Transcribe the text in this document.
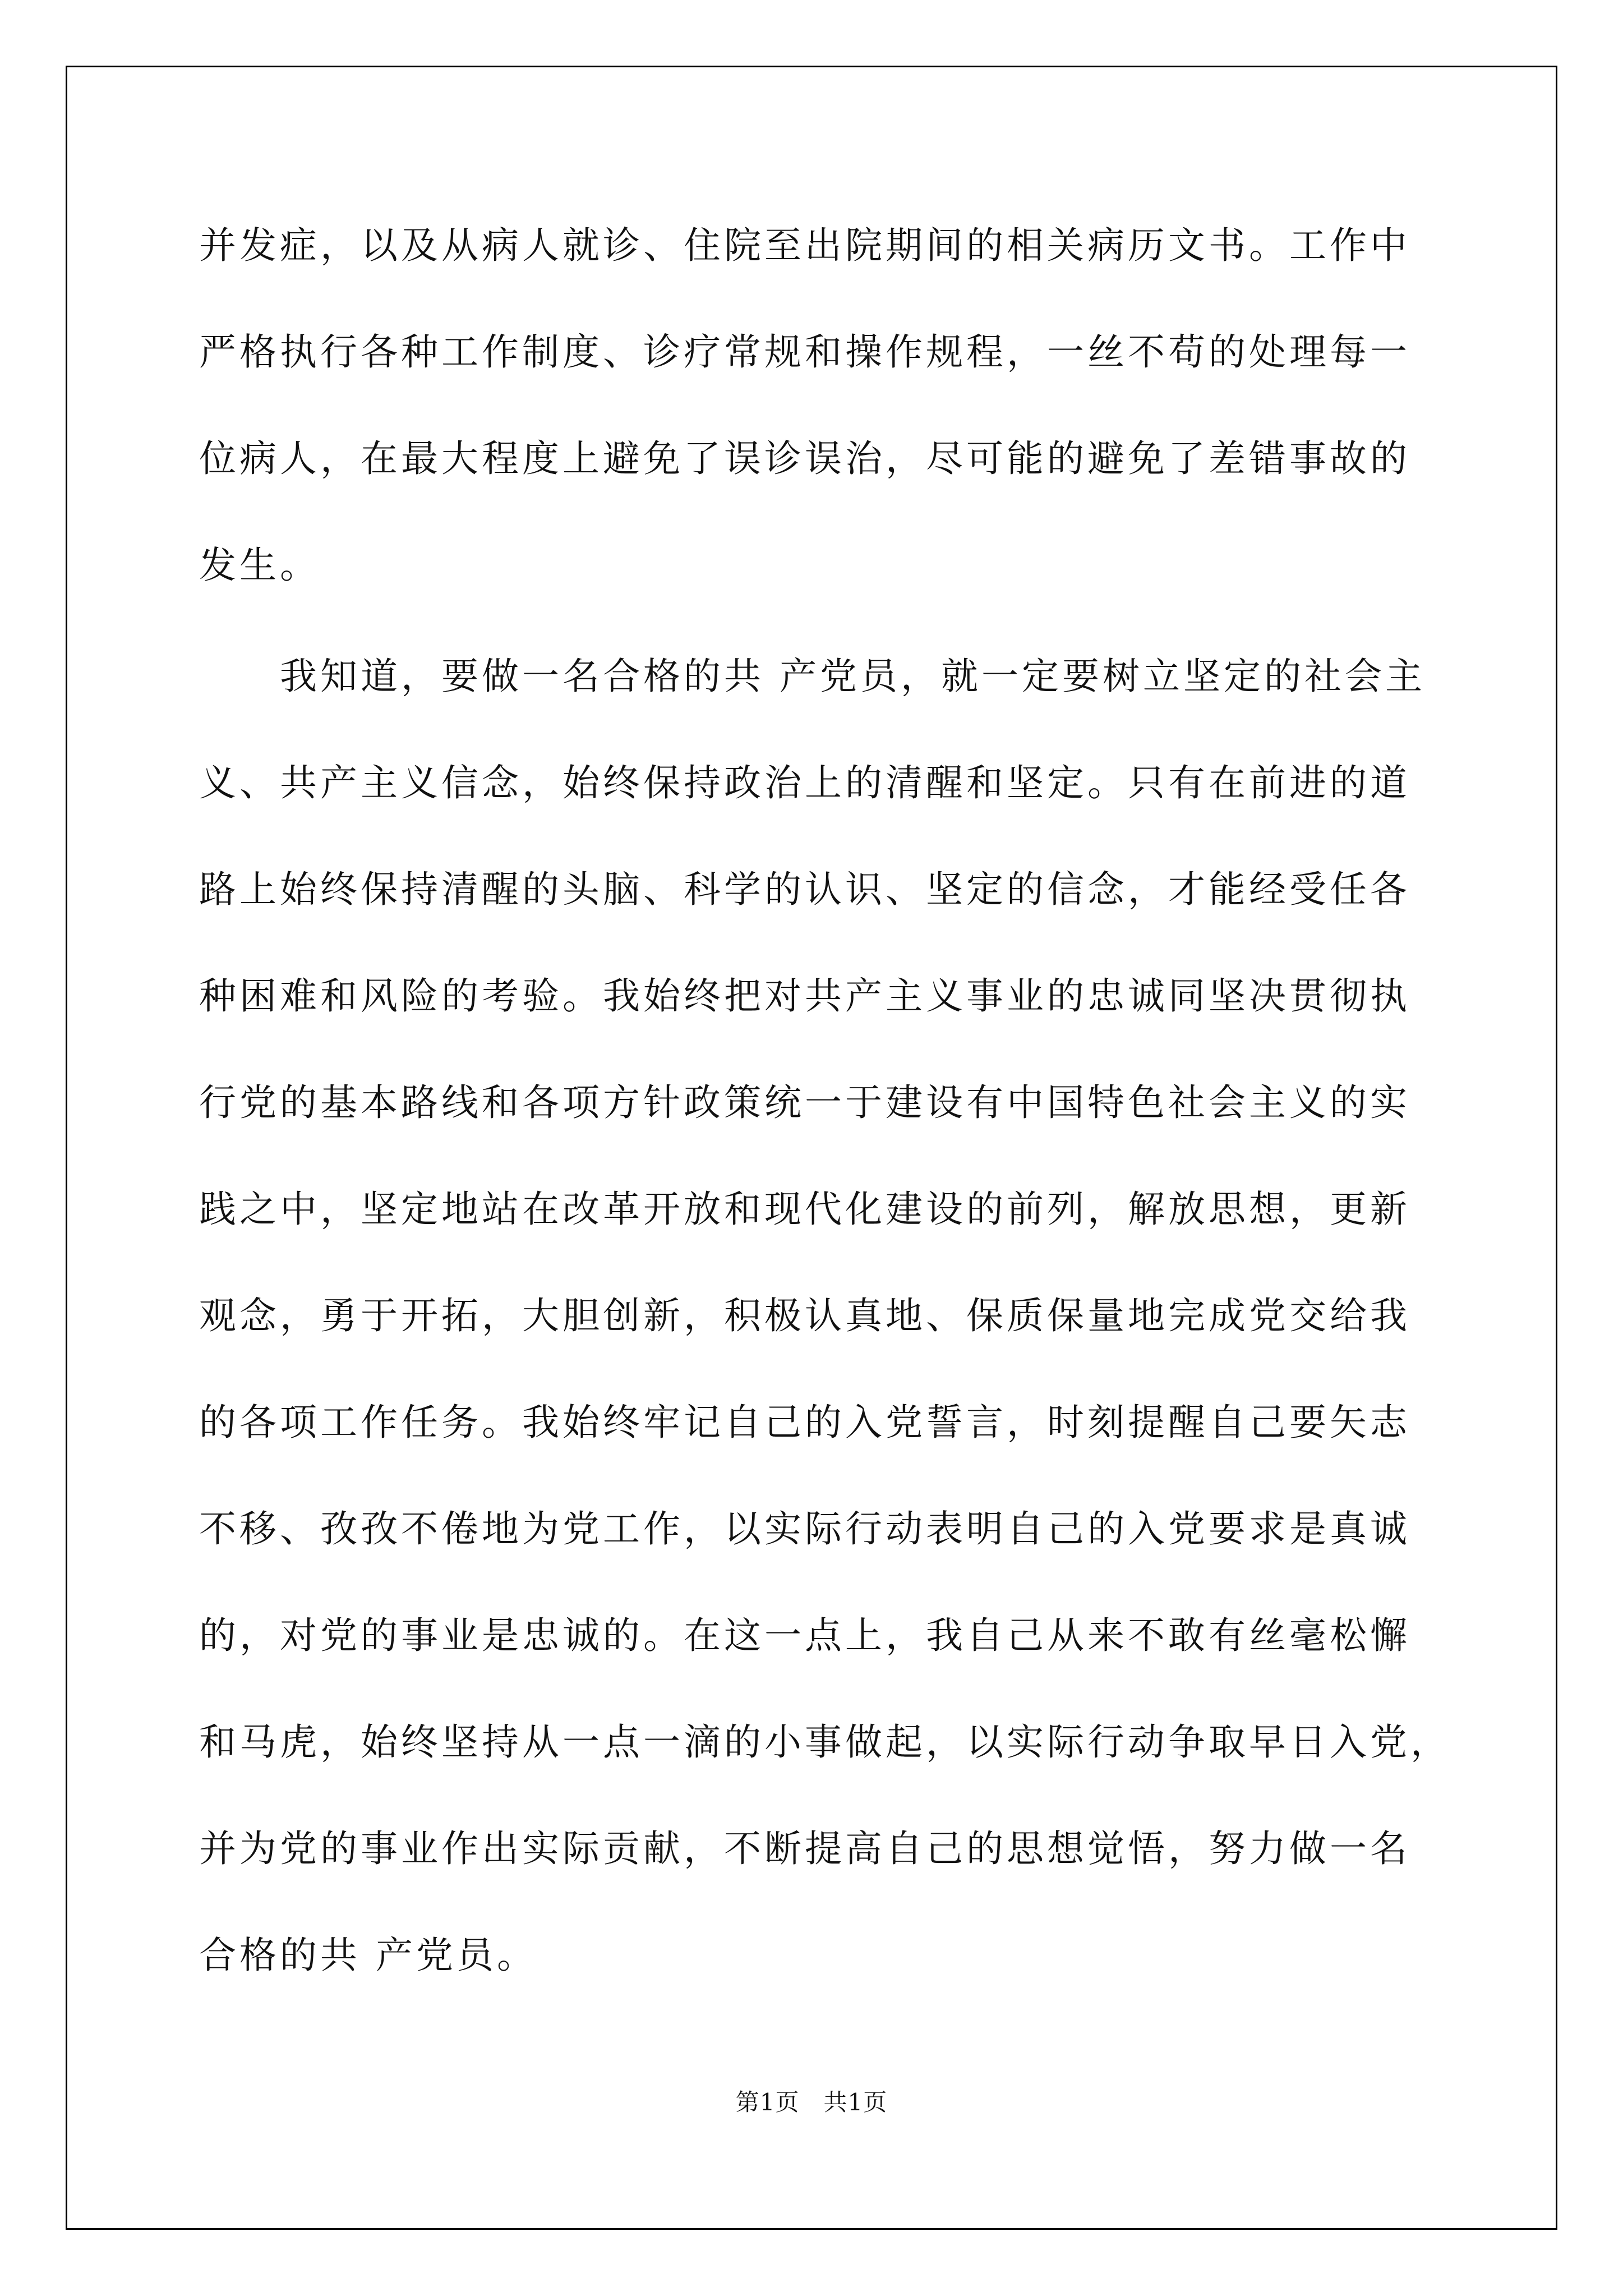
并发症，以及从病人就诊、住院至出院期间的相关病历文书。工作中
严格执行各种工作制度、诊疗常规和操作规程，一丝不苟的处理每一
位病人，在最大程度上避免了误诊误治，尽可能的避免了差错事故的
发生。
　　我知道，要做一名合格的共 产党员，就一定要树立坚定的社会主
义、共产主义信念，始终保持政治上的清醒和坚定。只有在前进的道
路上始终保持清醒的头脑、科学的认识、坚定的信念，才能经受任各
种困难和风险的考验。我始终把对共产主义事业的忠诚同坚决贯彻执
行党的基本路线和各项方针政策统一于建设有中国特色社会主义的实
践之中，坚定地站在改革开放和现代化建设的前列，解放思想，更新
观念，勇于开拓，大胆创新，积极认真地、保质保量地完成党交给我
的各项工作任务。我始终牢记自己的入党誓言，时刻提醒自己要矢志
不移、孜孜不倦地为党工作，以实际行动表明自己的入党要求是真诚
的，对党的事业是忠诚的。在这一点上，我自己从来不敢有丝毫松懈
和马虎，始终坚持从一点一滴的小事做起，以实际行动争取早日入党，
并为党的事业作出实际贡献，不断提高自己的思想觉悟，努力做一名
合格的共 产党员。
第1页   共1页
